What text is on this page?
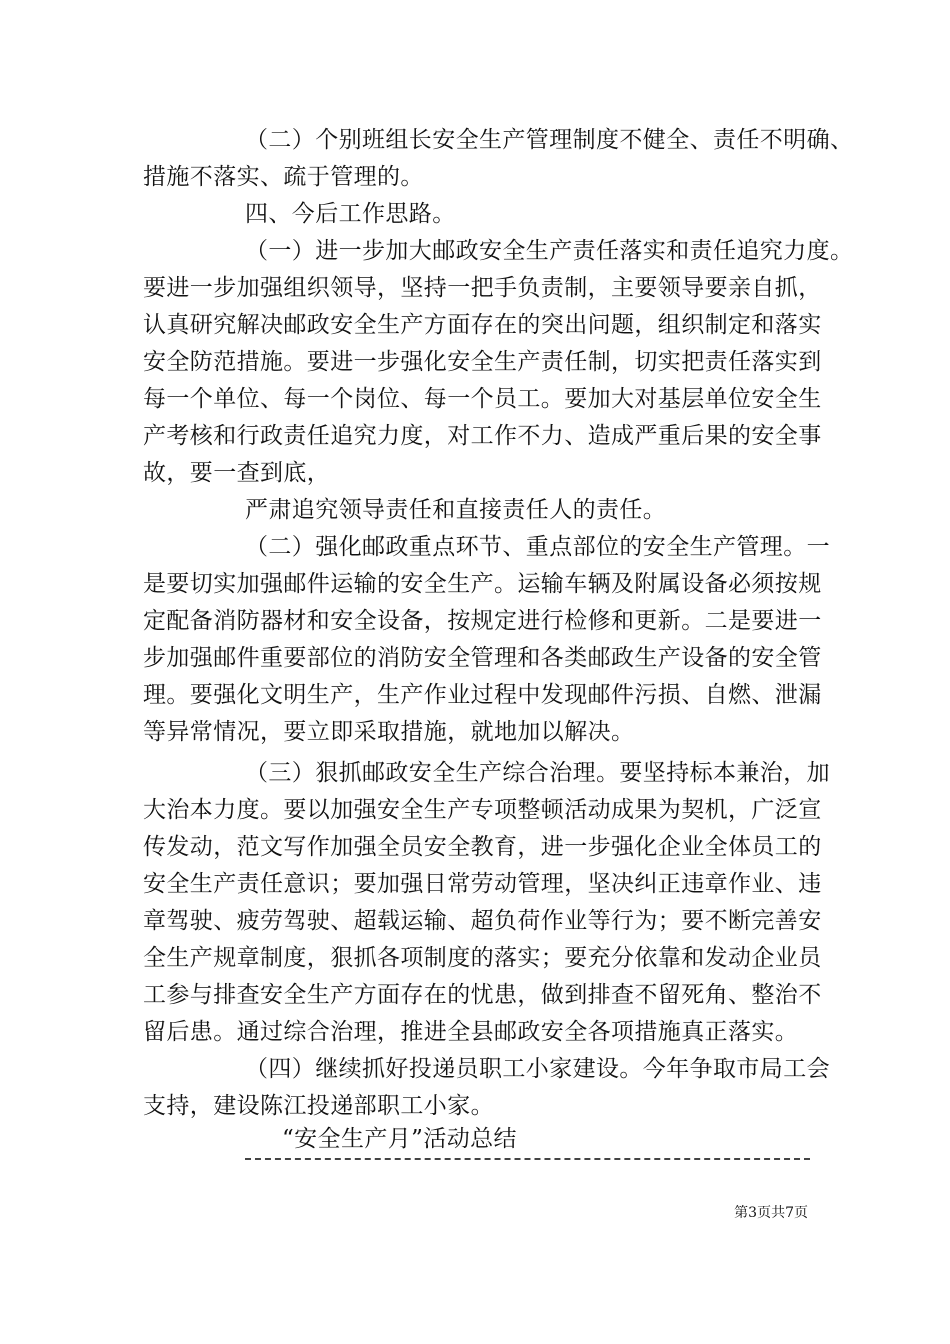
（二）个别班组长安全生产管理制度不健全、责任不明确、
措施不落实、疏于管理的。
四、今后工作思路。
（一）进一步加大邮政安全生产责任落实和责任追究力度。
要进一步加强组织领导，坚持一把手负责制，主要领导要亲自抓，
认真研究解决邮政安全生产方面存在的突出问题，组织制定和落实
安全防范措施。要进一步强化安全生产责任制，切实把责任落实到
每一个单位、每一个岗位、每一个员工。要加大对基层单位安全生
产考核和行政责任追究力度，对工作不力、造成严重后果的安全事
故，要一查到底，
严肃追究领导责任和直接责任人的责任。
（二）强化邮政重点环节、重点部位的安全生产管理。一
是要切实加强邮件运输的安全生产。运输车辆及附属设备必须按规
定配备消防器材和安全设备，按规定进行检修和更新。二是要进一
步加强邮件重要部位的消防安全管理和各类邮政生产设备的安全管
理。要强化文明生产，生产作业过程中发现邮件污损、自燃、泄漏
等异常情况，要立即采取措施，就地加以解决。
（三）狠抓邮政安全生产综合治理。要坚持标本兼治，加
大治本力度。要以加强安全生产专项整顿活动成果为契机，广泛宣
传发动，范文写作加强全员安全教育，进一步强化企业全体员工的
安全生产责任意识；要加强日常劳动管理，坚决纠正违章作业、违
章驾驶、疲劳驾驶、超载运输、超负荷作业等行为；要不断完善安
全生产规章制度，狠抓各项制度的落实；要充分依靠和发动企业员
工参与排查安全生产方面存在的忧患，做到排查不留死角、整治不
留后患。通过综合治理，推进全县邮政安全各项措施真正落实。
（四）继续抓好投递员职工小家建设。今年争取市局工会
支持，建设陈江投递部职工小家。
“安全生产月”活动总结
第3页共7页
